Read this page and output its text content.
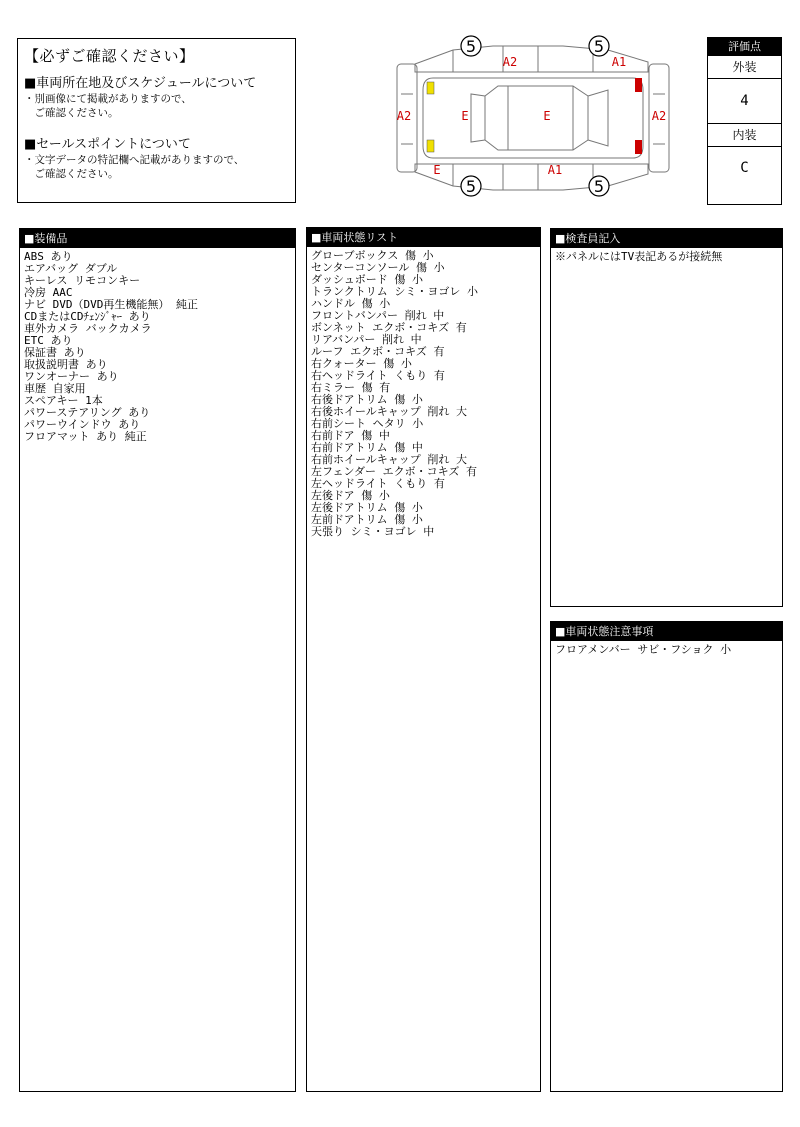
【必ずご確認ください】

■車両所在地及びスケジュールについて

・別画像にて掲載がありますので、

　ご確認ください。

■セールスポイントについて

・文字データの特記欄へ記載がありますので、

　ご確認ください。

5	5
5	5
A2	A1
A2	A2
E	E
E	A1
評価点
外装
4
内装
C
■装備品
ABS あり
エアバッグ ダブル
キーレス リモコンキー
冷房 AAC
ナビ DVD（DVD再生機能無） 純正
CDまたはCDﾁｪﾝｼﾞｬｰ あり
車外カメラ バックカメラ
ETC あり
保証書 あり
取扱説明書 あり
ワンオーナー あり
車歴 自家用
スペアキー 1本
パワーステアリング あり
パワーウインドウ あり
フロアマット あり 純正
■車両状態リスト
グローブボックス 傷 小
センターコンソール 傷 小
ダッシュボード 傷 小
トランクトリム シミ・ヨゴレ 小
ハンドル 傷 小
フロントバンパー 削れ 中
ボンネット エクボ・コキズ 有
リアバンパー 削れ 中
ルーフ エクボ・コキズ 有
右クォーター 傷 小
右ヘッドライト くもり 有
右ミラー 傷 有
右後ドアトリム 傷 小
右後ホイールキャップ 削れ 大
右前シート ヘタリ 小
右前ドア 傷 中
右前ドアトリム 傷 中
右前ホイールキャップ 削れ 大
左フェンダー エクボ・コキズ 有
左ヘッドライト くもり 有
左後ドア 傷 小
左後ドアトリム 傷 小
左前ドアトリム 傷 小
天張り シミ・ヨゴレ 中
■検査員記入
※パネルにはTV表記あるが接続無
■車両状態注意事項
フロアメンバー サビ・フショク 小
